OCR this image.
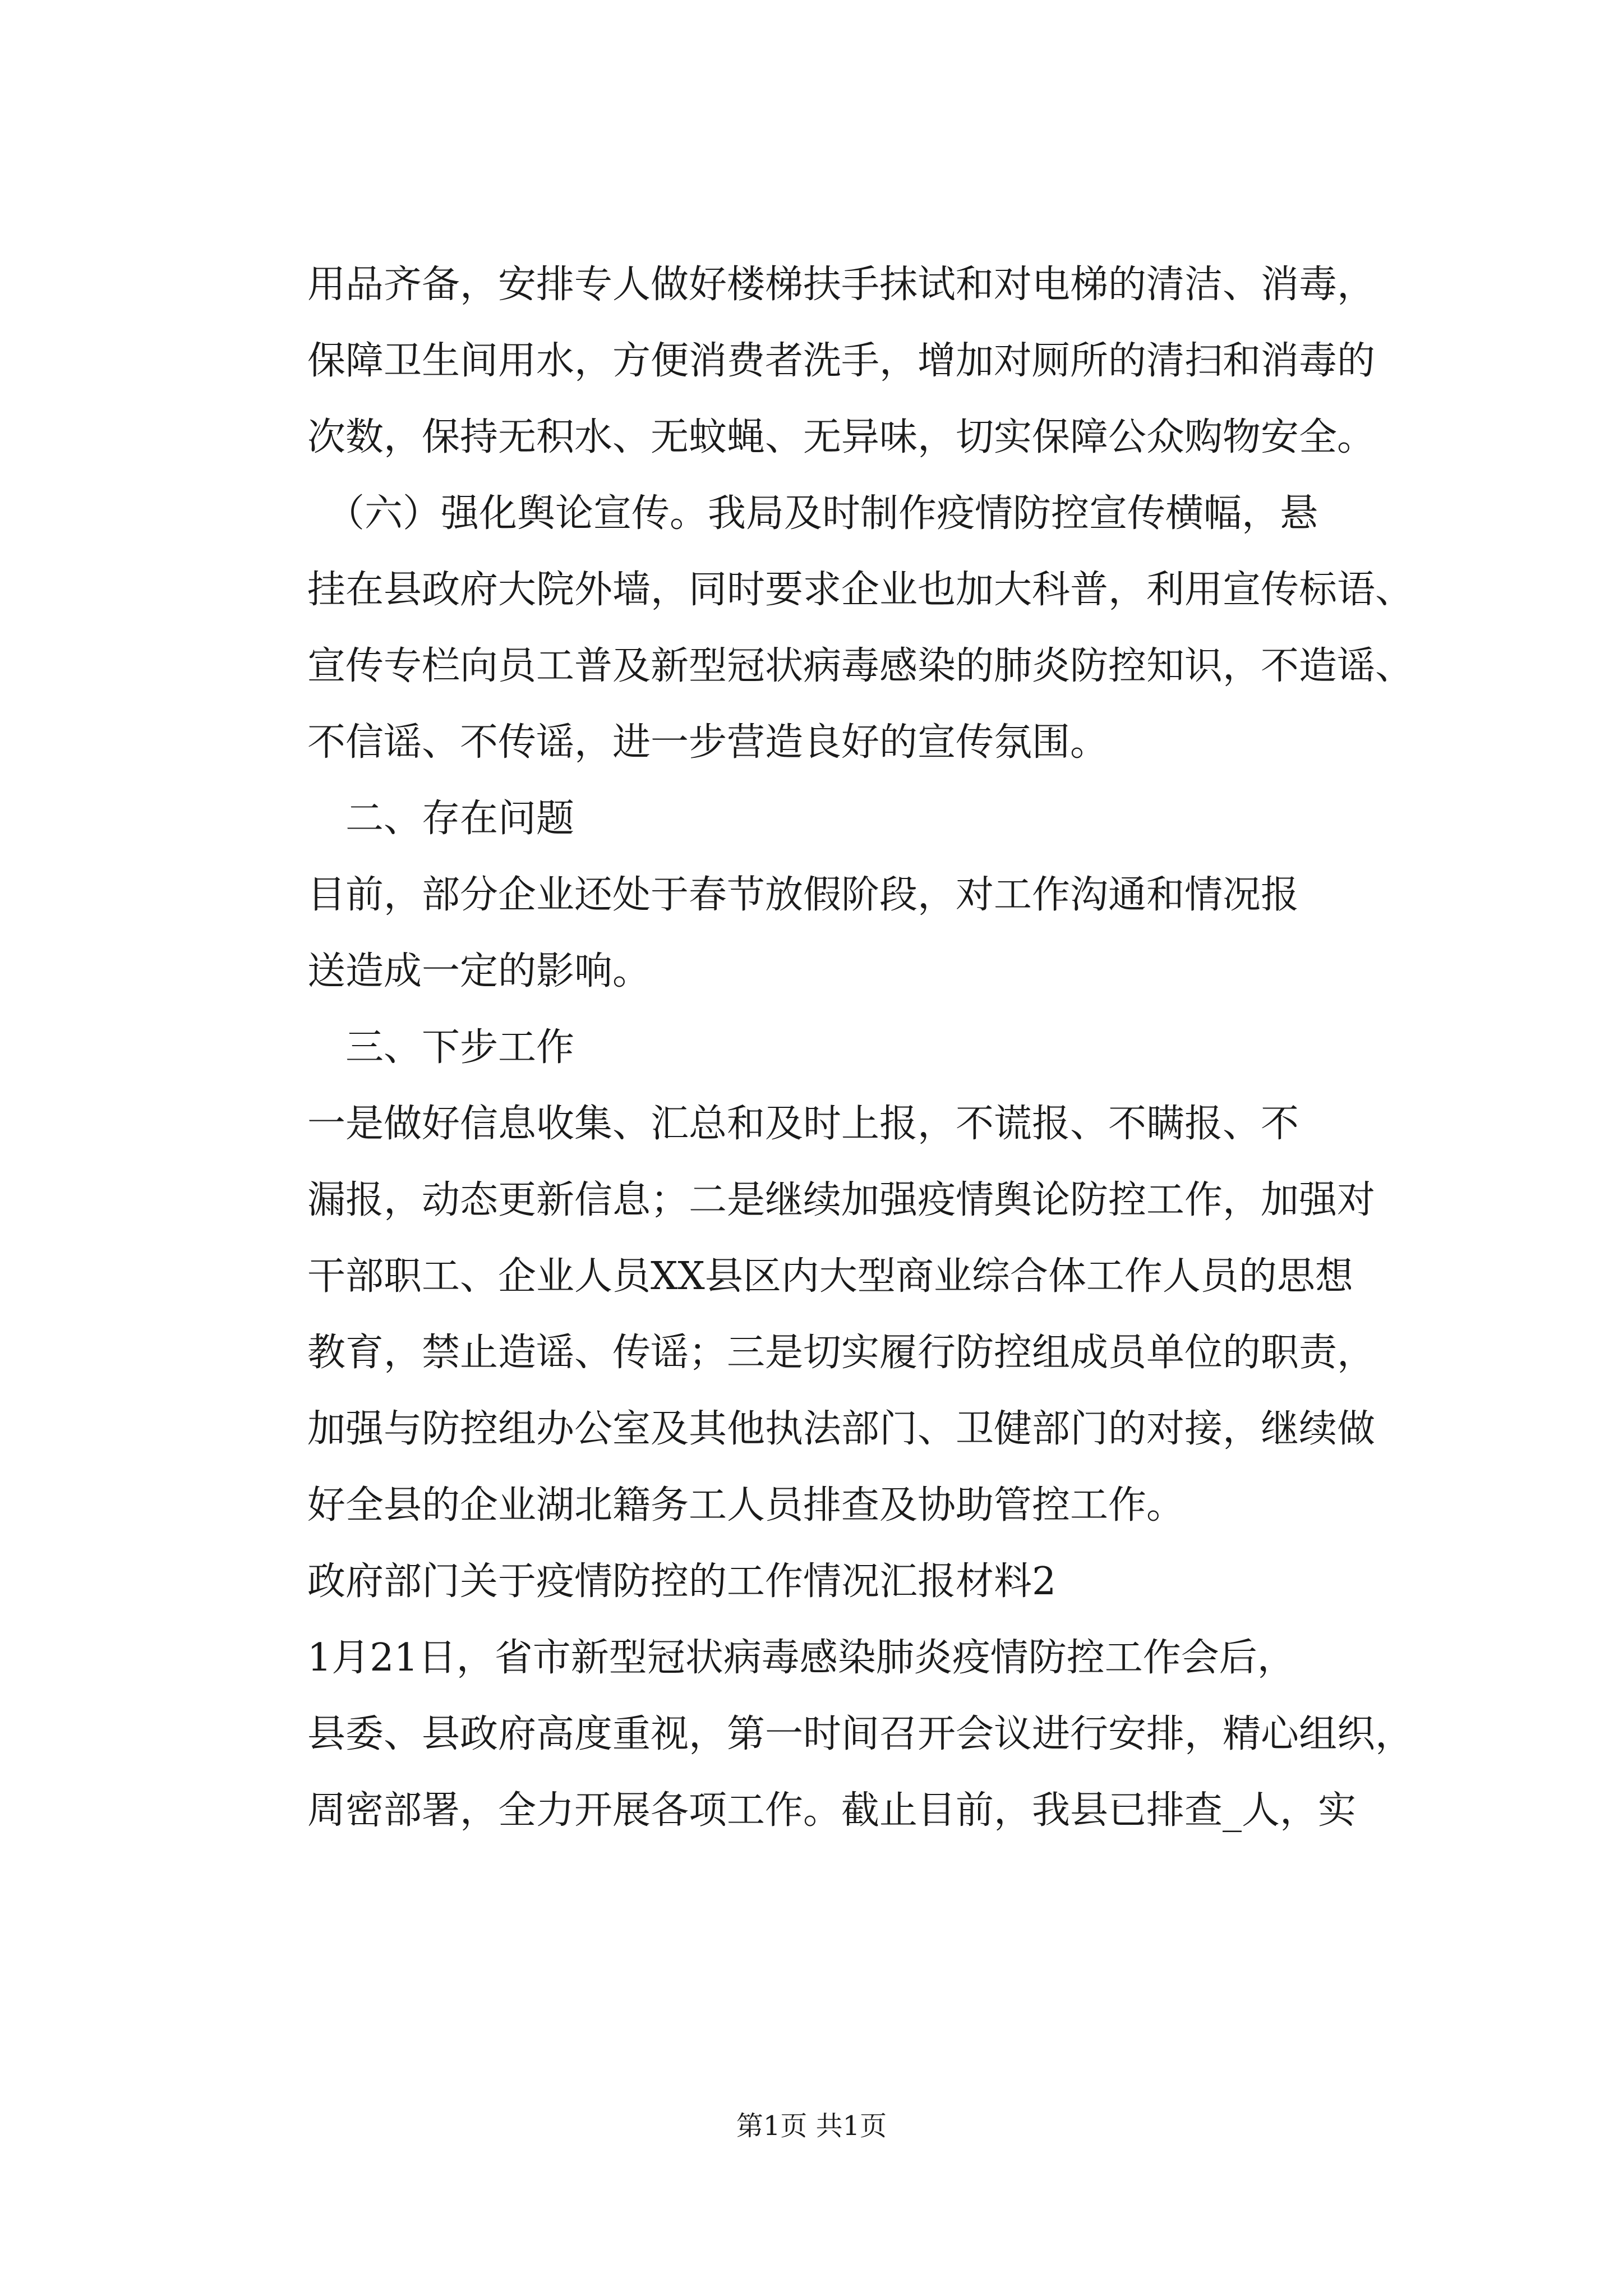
用品齐备，安排专人做好楼梯扶手抹试和对电梯的清洁、消毒，
保障卫生间用水，方便消费者洗手，增加对厕所的清扫和消毒的
次数，保持无积水、无蚊蝇、无异味，切实保障公众购物安全。
　（六）强化舆论宣传。我局及时制作疫情防控宣传横幅，悬
挂在县政府大院外墙，同时要求企业也加大科普，利用宣传标语、
宣传专栏向员工普及新型冠状病毒感染的肺炎防控知识，不造谣、
不信谣、不传谣，进一步营造良好的宣传氛围。
　二、存在问题
目前，部分企业还处于春节放假阶段，对工作沟通和情况报
送造成一定的影响。
　三、下步工作
一是做好信息收集、汇总和及时上报，不谎报、不瞒报、不
漏报，动态更新信息；二是继续加强疫情舆论防控工作，加强对
干部职工、企业人员XX县区内大型商业综合体工作人员的思想
教育，禁止造谣、传谣；三是切实履行防控组成员单位的职责，
加强与防控组办公室及其他执法部门、卫健部门的对接，继续做
好全县的企业湖北籍务工人员排查及协助管控工作。
政府部门关于疫情防控的工作情况汇报材料2
1月21日，省市新型冠状病毒感染肺炎疫情防控工作会后，
县委、县政府高度重视，第一时间召开会议进行安排，精心组织，
周密部署，全力开展各项工作。截止目前，我县已排查_人，实
第1页 共1页
